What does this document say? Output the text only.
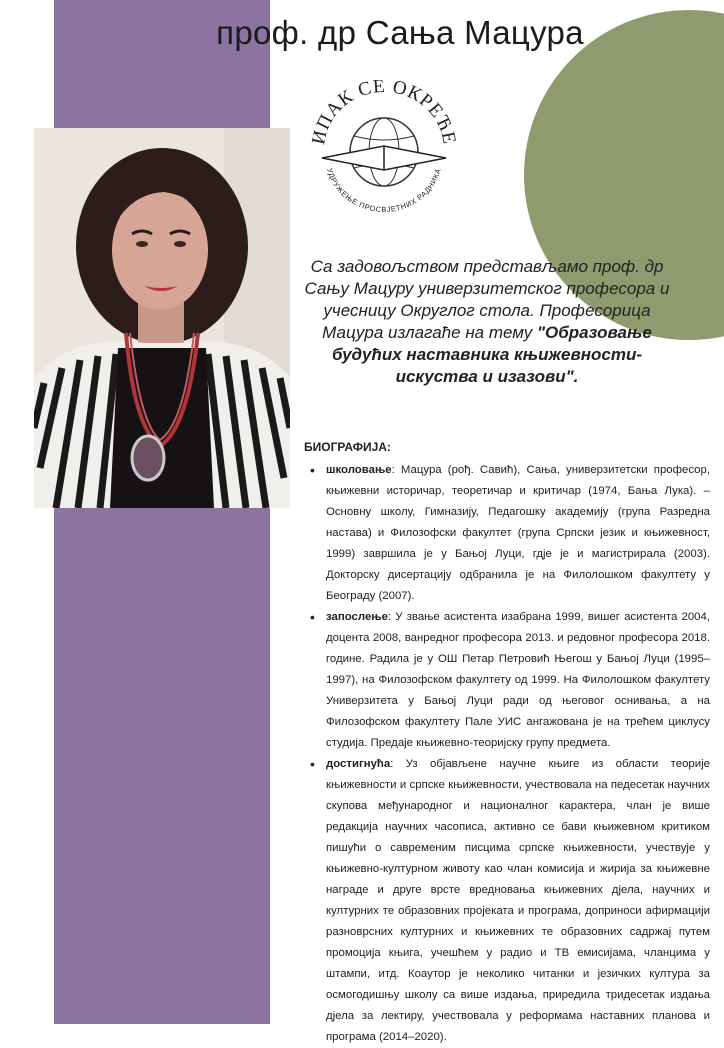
проф. др Сања Мацура
ИПАК СЕ ОКРЕЋЕ
УДРУЖЕЊЕ ПРОСВЈЕТНИХ РАДНИКА
Са задовољством представљамо проф. др Сању Мацуру универзитетског професора и учесницу Округлог стола. Професорица Мацура излагаће на тему "Образовање будућих наставника књижевности- искуства и изазови".
БИОГРАФИЈА:
• школовање: Мацура (рођ. Савић), Сања, универзитетски професор, књижевни историчар, теоретичар и критичар (1974, Бања Лука). – Основну школу, Гимназију, Педагошку академију (група Разредна настава) и Филозофски факултет (група Српски језик и књижевност, 1999) завршила је у Бањој Луци, гдје је и магистрирала (2003). Докторску дисертацију одбранила је на Филолошком факултету у Београду (2007).
• запослење: У звање асистента изабрана 1999, вишег асистента 2004, доцента 2008, ванредног професора 2013. и редовног професора 2018. године. Радила је у ОШ Петар Петровић Његош у Бањој Луци (1995–1997), на Филозофском факултету од 1999. На Филолошком факултету Универзитета у Бањој Луци ради од његовог оснивања, а на Филозофском факултету Пале УИС ангажована је на трећем циклусу студија. Предаје књижевно-теоријску групу предмета.
• достигнућа: Уз објављене научне књиге из области теорије књижевности и српске књижевности, учествовала на педесетак научних скупова међународног и националног карактера, члан је више редакција научних часописа, активно се бави књижевном критиком пишући о савременим писцима српске књижевности, учествује у књижевно-културном животу као члан комисија и жирија за књижевне награде и друге врсте вредновања књижевних дјела, научних и културних те образовних пројеката и програма, доприноси афирмацији разноврсних културних и књижевних те образовних садржај путем промоција књига, учешћем у радио и ТВ емисијама, чланцима у штампи, итд. Коаутор је неколико читанки и језичких култура за осмогодишњу школу са више издања, приредила тридесетак издања дјела за лектиру, учествовала у реформама наставних планова и програма (2014–2020).
